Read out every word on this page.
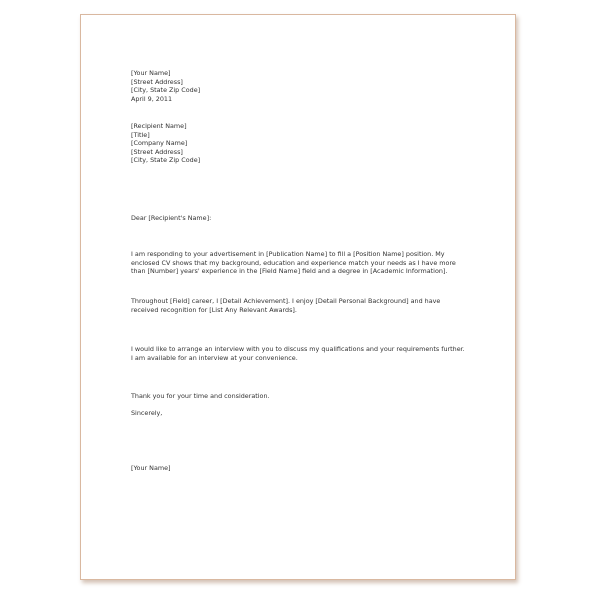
[Your Name]
[Street Address]
[City, State Zip Code]
April 9, 2011
[Recipient Name]
[Title]
[Company Name]
[Street Address]
[City, State Zip Code]
Dear [Recipient's Name]:
I am responding to your advertisement in [Publication Name] to fill a [Position Name] position. My
enclosed CV shows that my background, education and experience match your needs as I have more
than [Number] years' experience in the [Field Name] field and a degree in [Academic Information].
Throughout [Field] career, I [Detail Achievement]. I enjoy [Detail Personal Background] and have
received recognition for [List Any Relevant Awards].
I would like to arrange an interview with you to discuss my qualifications and your requirements further.
I am available for an interview at your convenience.
Thank you for your time and consideration.
Sincerely,
[Your Name]
